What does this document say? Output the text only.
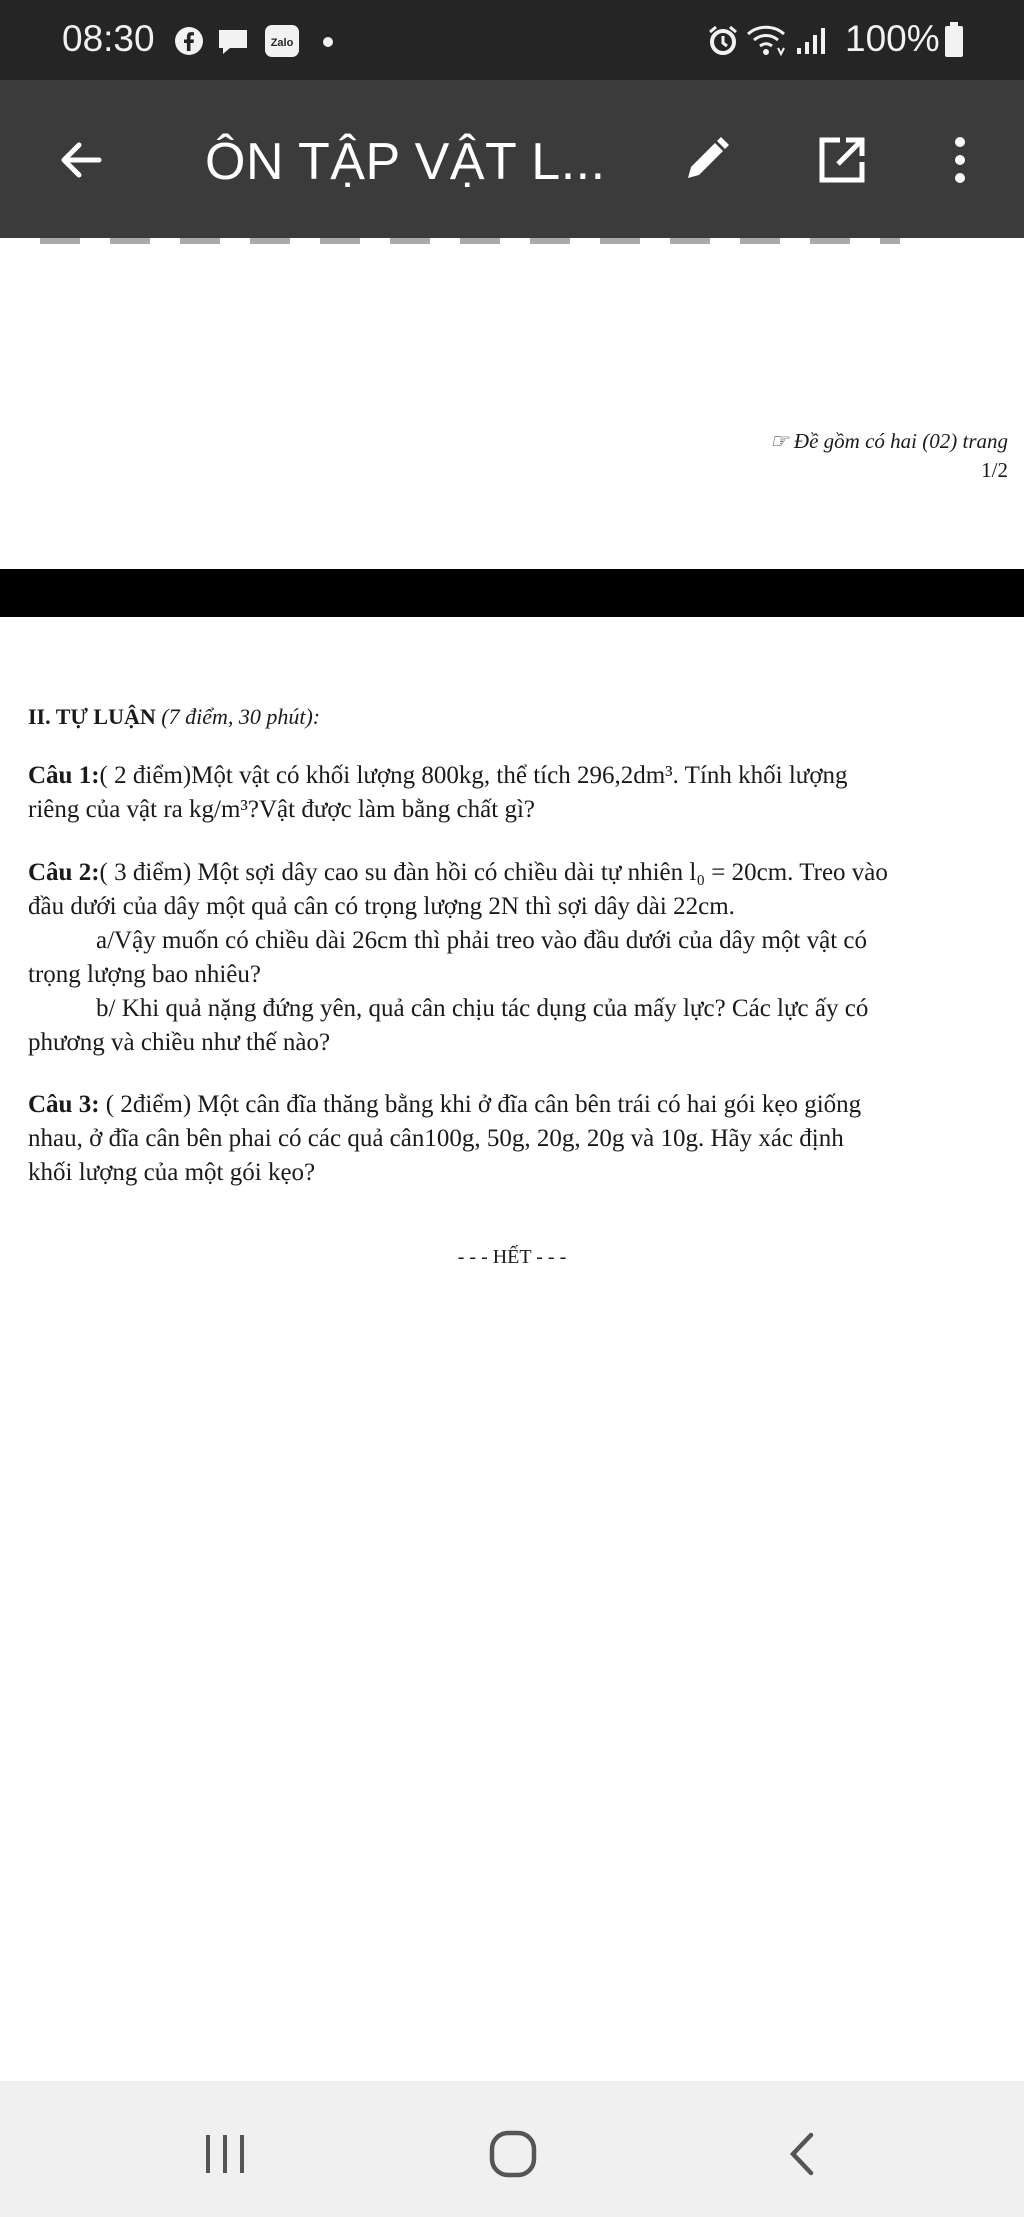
08:30	Zalo	100%
ÔN TẬP VẬT L...
☞ Đề gồm có hai (02) trang
1/2
II. TỰ LUẬN (7 điểm, 30 phút):
Câu 1:( 2 điểm)Một vật có khối lượng 800kg, thể tích 296,2dm³. Tính khối lượng
riêng của vật ra kg/m³?Vật được làm bằng chất gì?
Câu 2:( 3 điểm) Một sợi dây cao su đàn hồi có chiều dài tự nhiên l₀ = 20cm. Treo vào
đầu dưới của dây một quả cân có trọng lượng 2N thì sợi dây dài 22cm.
a/Vậy muốn có chiều dài 26cm thì phải treo vào đầu dưới của dây một vật có
trọng lượng bao nhiêu?
b/ Khi quả nặng đứng yên, quả cân chịu tác dụng của mấy lực? Các lực ấy có
phương và chiều như thế nào?
Câu 3: ( 2điểm) Một cân đĩa thăng bằng khi ở đĩa cân bên trái có hai gói kẹo giống
nhau, ở đĩa cân bên phai có các quả cân100g, 50g, 20g, 20g và 10g. Hãy xác định
khối lượng của một gói kẹo?
- - - HẾT - - -
